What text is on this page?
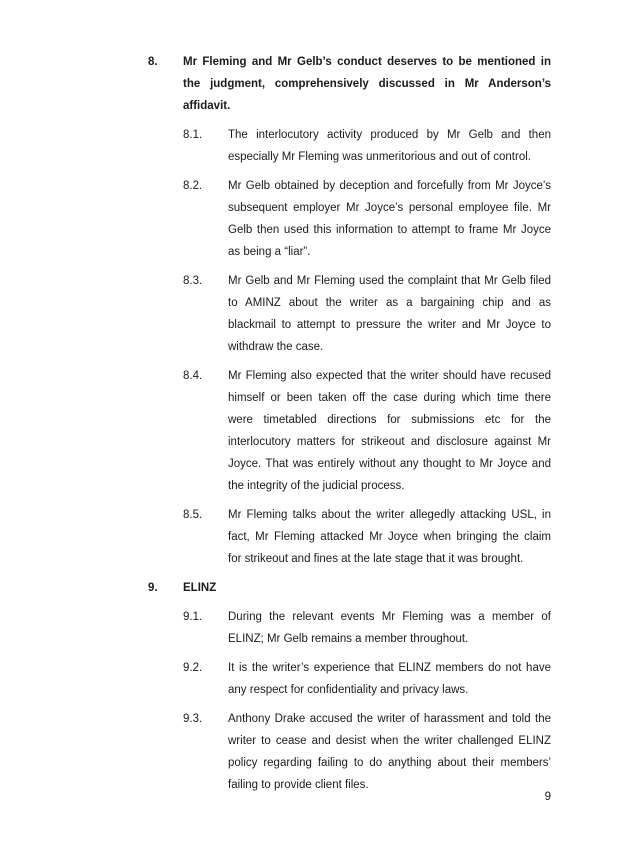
8.	Mr Fleming and Mr Gelb’s conduct deserves to be mentioned in
the judgment, comprehensively discussed in Mr Anderson’s
affidavit.
8.1.	The interlocutory activity produced by Mr Gelb and then
especially Mr Fleming was unmeritorious and out of control.
8.2.	Mr Gelb obtained by deception and forcefully from Mr Joyce’s
subsequent employer Mr Joyce’s personal employee file. Mr
Gelb then used this information to attempt to frame Mr Joyce
as being a “liar”.
8.3.	Mr Gelb and Mr Fleming used the complaint that Mr Gelb filed
to AMINZ about the writer as a bargaining chip and as
blackmail to attempt to pressure the writer and Mr Joyce to
withdraw the case.
8.4.	Mr Fleming also expected that the writer should have recused
himself or been taken off the case during which time there
were timetabled directions for submissions etc for the
interlocutory matters for strikeout and disclosure against Mr
Joyce. That was entirely without any thought to Mr Joyce and
the integrity of the judicial process.
8.5.	Mr Fleming talks about the writer allegedly attacking USL, in
fact, Mr Fleming attacked Mr Joyce when bringing the claim
for strikeout and fines at the late stage that it was brought.
9.	ELINZ
9.1.	During the relevant events Mr Fleming was a member of
ELINZ; Mr Gelb remains a member throughout.
9.2.	It is the writer’s experience that ELINZ members do not have
any respect for confidentiality and privacy laws.
9.3.	Anthony Drake accused the writer of harassment and told the
writer to cease and desist when the writer challenged ELINZ
policy regarding failing to do anything about their members’
failing to provide client files.
9
